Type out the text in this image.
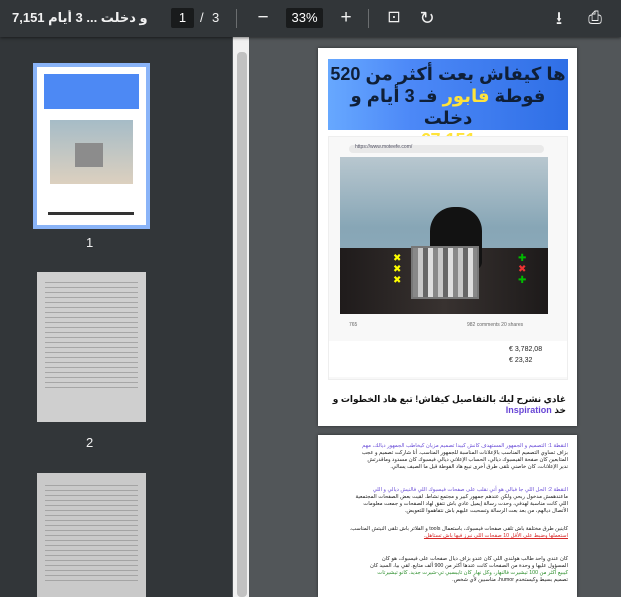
7,151 و دخلت ... 3 أيام	1	/ 3 −	33% +	⊡ ↻	⭳	⎙
1
2
ها كيفاش بعت أكثر من 520
فوطة فابور فـ 3 أيام و دخلت
https://www.moteefe.com/
✖
✖
✖
✚
✖
✚
765	982 comments 20 shares
€ 3,782,08
€ 23,32
غادي نشرح ليك بالتفاصيل كيفاش! تبع هاد الخطوات و خذ Inspiration
النقطة 1: التصميم و الجمهور المستهدف كانش كبيدا تصميم مزيان كيخاطب الجمهور ديالك، مهم
بزاف تساوي التصميم المناسب بالإعلانات المناسبة للجمهور المناسب. أنا شاركت تصميم و عجب
المتابعين كان صفحة الفيسبوك ديالي، الحساب الإعلاني ديالي فيسبوك كان مسدود وماقدرتش
ندير الإعلانات، كان خاصني نلقى طرق أخرى نبيع هاد الفوطة قبل ما الصيف يسالي.
النقطة 2: الحل اللي جا فبالي هو أني نقلب على صفحات فيسبوك اللي فالنيش ديالي و اللي
ماعندهمش مدخول ربحي ولكن عندهم جمهور كبير و مجتمع نشاط. لقيت بعض الصفحات المجتمعية
اللي كانت مناسبة لهدفي، وحدت رسالة إيميل عادي باش نتفق لهاد الصفحات و جمعت معلومات
الأتصال ديالهم، من بعد بعت الرسالة وتسحبت عليهم باش نتفاهموا للتعويض.
كاينين طرق مختلفة باش تلقى صفحات فيسبوك، باستعمال tools و الفلاتر باش تلقى النيتش المناسب.
استعملها وضبط على الأقل 10 صفحات اللي نبرز فيها باش تستاهل.
كان عندي واحد طالب هولندي اللي كان عندو بزاف ديال صفحات على فيسبوك، هو كان
المسؤول عليها و وحدة من الصفحات كانت عندها أكثر من 900 ألف متابع. لقي بيا، السيد كان
كيبيع أكثر من 100 تيشيرت فالنهار، وكل نهار كان تايبسبي تي-شيرت جديد. كانو تيشيرتات
تصميم بسيط وكيستخدم humor، مناسبين لأي شخص.
